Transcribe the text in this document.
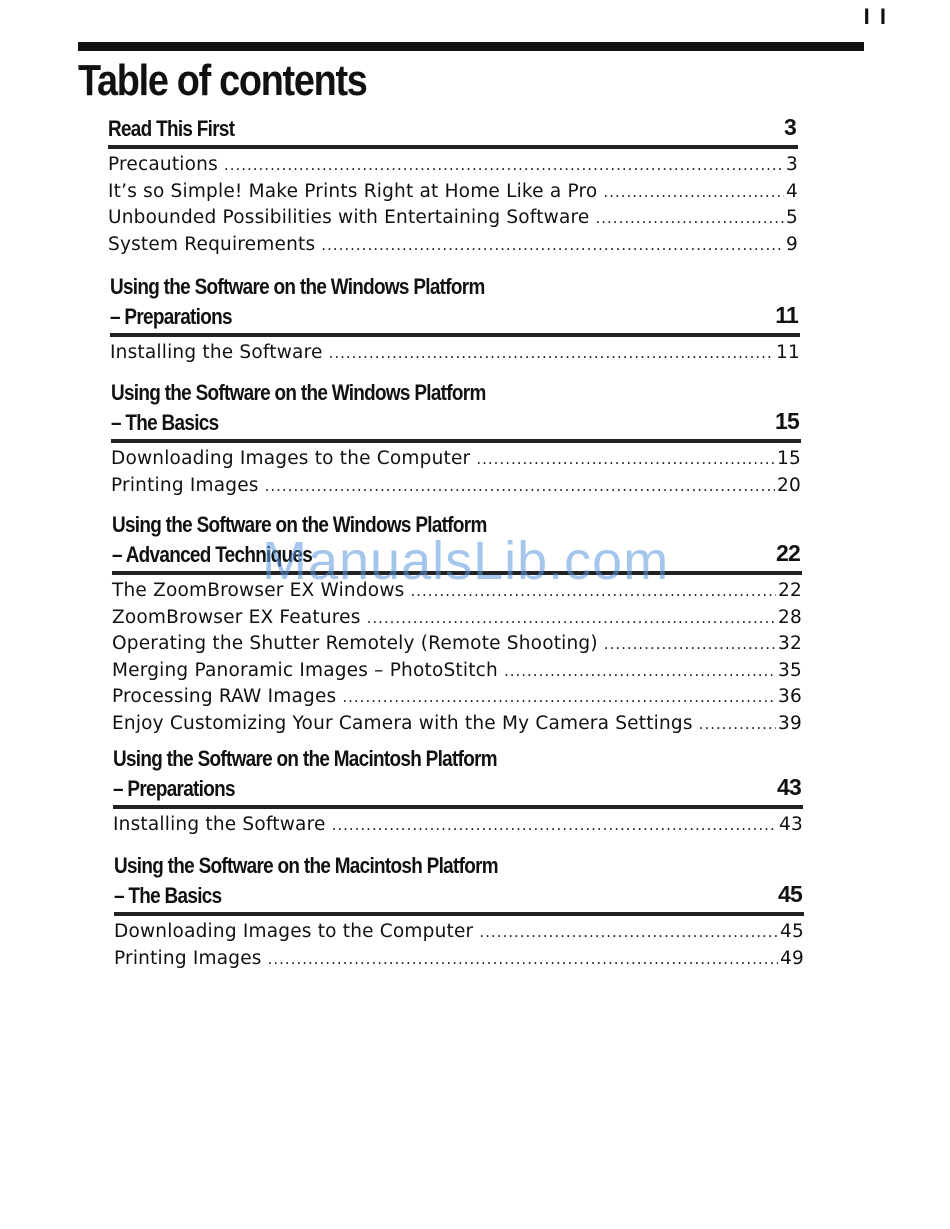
I I
Table of contents
Read This First	3
Precautions .....	3
It’s so Simple! Make Prints Right at Home Like a Pro .....	4
Unbounded Possibilities with Entertaining Software .....	5
System Requirements .....	9
Using the Software on the Windows Platform
– Preparations	11
Installing the Software .....	11
Using the Software on the Windows Platform
– The Basics	15
Downloading Images to the Computer .....	15
Printing Images .....	20
Using the Software on the Windows Platform
– Advanced Techniques	22
The ZoomBrowser EX Windows .....	22
ZoomBrowser EX Features .....	28
Operating the Shutter Remotely (Remote Shooting) .....	32
Merging Panoramic Images – PhotoStitch .....	35
Processing RAW Images .....	36
Enjoy Customizing Your Camera with the My Camera Settings .....	39
Using the Software on the Macintosh Platform
– Preparations	43
Installing the Software .....	43
Using the Software on the Macintosh Platform
– The Basics	45
Downloading Images to the Computer .....	45
Printing Images .....	49
ManualsLib.com
